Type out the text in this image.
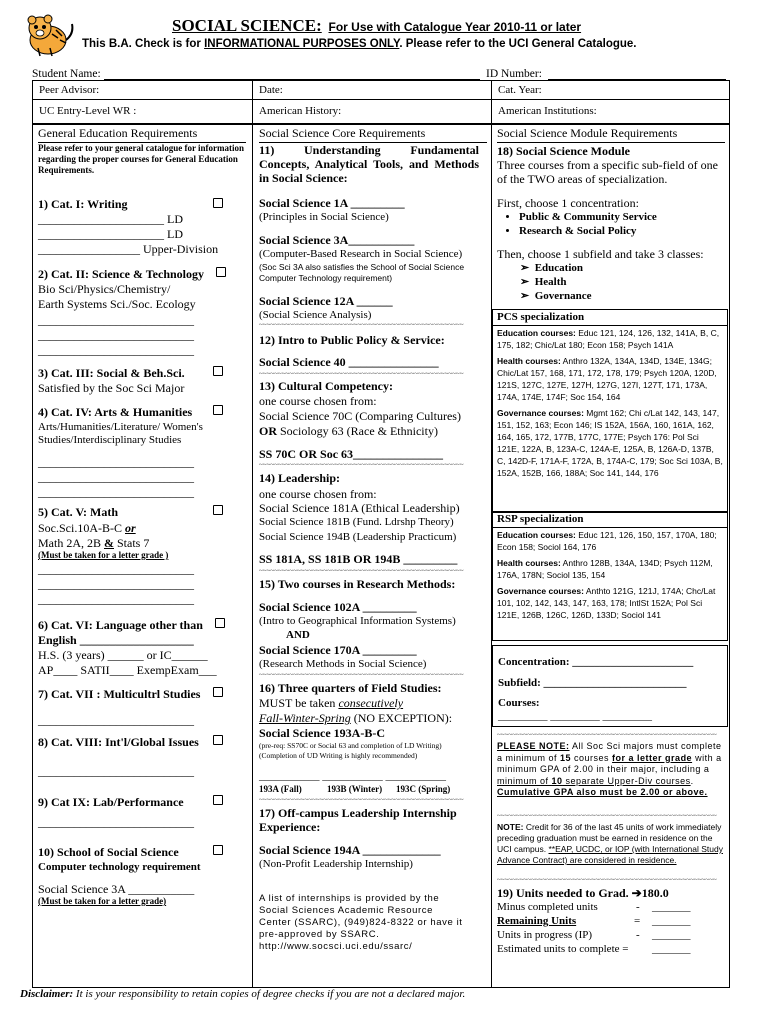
SOCIAL SCIENCE: For Use with Catalogue Year 2010-11 or later
This B.A. Check is for INFORMATIONAL PURPOSES ONLY. Please refer to the UCI General Catalogue.
Student Name:	ID Number:
Peer Advisor:	Date:	Cat. Year:
UC Entry-Level WR :	American History:	American Institutions:
General Education Requirements
Please refer to your general catalogue for information regarding the proper courses for General Education Requirements.
1) Cat. I: Writing
_____________________ LD
_____________________ LD
_________________ Upper-Division
2) Cat. II: Science & Technology
Bio Sci/Physics/Chemistry/
Earth Systems Sci./Soc. Ecology
__________________________
__________________________
__________________________
3) Cat. III: Social & Beh.Sci.
Satisfied by the Soc Sci Major
4) Cat. IV: Arts & Humanities
Arts/Humanities/Literature/ Women's Studies/Interdisciplinary Studies
__________________________
__________________________
__________________________
5) Cat. V: Math
Soc.Sci.10A-B-C or
Math 2A, 2B & Stats 7
(Must be taken for a letter grade )
__________________________
__________________________
__________________________
6) Cat. VI: Language other than
English ___________________
H.S. (3 years) ______ or IC______
AP____ SATII____ ExempExam___
7) Cat. VII : Multicultrl Studies
__________________________
8) Cat. VIII: Int'l/Global Issues
__________________________
9) Cat IX: Lab/Performance
__________________________
10) School of Social Science
Computer technology requirement
Social Science 3A ___________
(Must be taken for a letter grade)
Social Science Core Requirements
11) Understanding Fundamental Concepts, Analytical Tools, and Methods in Social Science:
Social Science 1A _________
(Principles in Social Science)
Social Science 3A___________
(Computer-Based Research in Social Science)
(Soc Sci 3A also satisfies the School of Social Science Computer Technology requirement)
Social Science 12A ______
(Social Science Analysis)
~~~~~~~~~~~~~~~~~~~~~~~~~~~~~~~~~~~~~~~~~~~~~~~~~~~~~~
12) Intro to Public Policy & Service:
Social Science 40 _______________
~~~~~~~~~~~~~~~~~~~~~~~~~~~~~~~~~~~~~~~~~~~~~~~~~~~~~~
13) Cultural Competency:
one course chosen from:
Social Science 70C (Comparing Cultures)
OR Sociology 63 (Race & Ethnicity)
SS 70C OR Soc 63_______________
~~~~~~~~~~~~~~~~~~~~~~~~~~~~~~~~~~~~~~~~~~~~~~~~~~~~~~
14) Leadership:
one course chosen from:
Social Science 181A (Ethical Leadership)
Social Science 181B (Fund. Ldrshp Theory)
Social Science 194B (Leadership Practicum)
SS 181A, SS 181B OR 194B _________
~~~~~~~~~~~~~~~~~~~~~~~~~~~~~~~~~~~~~~~~~~~~~~~~~~~~~~
15) Two courses in Research Methods:
Social Science 102A _________
(Intro to Geographical Information Systems)
AND
Social Science 170A _________
(Research Methods in Social Science)
~~~~~~~~~~~~~~~~~~~~~~~~~~~~~~~~~~~~~~~~~~~~~~~~~~~~~~
16) Three quarters of Field Studies:
MUST be taken consecutively
Fall-Winter-Spring (NO EXCEPTION):
Social Science 193A-B-C
(pre-req: SS70C or Social 63 and completion of LD Writing) (Completion of UD Writing is highly recommended)
___________ ___________ ___________
193A (Fall)	193B (Winter) 193C (Spring)
~~~~~~~~~~~~~~~~~~~~~~~~~~~~~~~~~~~~~~~~~~~~~~~~~~~~~~
17) Off-campus Leadership Internship Experience:
Social Science 194A _____________
(Non-Profit Leadership Internship)
A list of internships is provided by the Social Sciences Academic Resource Center (SSARC), (949)824-8322 or have it pre-approved by SSARC. http://www.socsci.uci.edu/ssarc/
Social Science Module Requirements
18) Social Science Module
Three courses from a specific sub-field of one of the TWO areas of specialization.
First, choose 1 concentration:
• Public & Community Service
• Research & Social Policy
Then, choose 1 subfield and take 3 classes:
➢  Education
➢  Health
➢  Governance
PCS specialization
Education courses: Educ 121, 124, 126, 132, 141A, B, C, 175, 182; Chic/Lat 180; Econ 158; Psych 141A
Health courses: Anthro 132A, 134A, 134D, 134E, 134G; Chic/Lat 157, 168, 171, 172, 178, 179; Psych 120A, 120D, 121S, 127C, 127E, 127H, 127G, 127I, 127T, 171, 173A, 174A, 174E, 174F; Soc 154, 164
Governance courses: Mgmt 162; Chi c/Lat 142, 143, 147, 151, 152, 163; Econ 146; IS 152A, 156A, 160, 161A, 162, 164, 165, 172, 177B, 177C, 177E; Psych 176: Pol Sci 121E, 122A, B, 123A-C, 124A-E, 125A, B, 126A-D, 137B, C, 142D-F, 171A-F, 172A, B, 174A-C, 179; Soc Sci 103A, B, 152A, 152B, 166, 188A; Soc 141, 144, 176
RSP specialization
Education courses: Educ 121, 126, 150, 157, 170A, 180; Econ 158; Sociol 164, 176
Health courses: Anthro 128B, 134A, 134D; Psych 112M, 176A, 178N; Sociol 135, 154
Governance courses: Anthto 121G, 121J, 174A; Chc/Lat 101, 102, 142, 143, 147, 163, 178; IntlSt 152A; Pol Sci 121E, 126B, 126C, 126D, 133D; Sociol 141
Concentration: ______________________
Subfield: __________________________
Courses:
_________ _________ _________
~~~~~~~~~~~~~~~~~~~~~~~~~~~~~~~~~~~~~~~~~~~~~~~~~~~~~~~~~~
PLEASE NOTE: All Soc Sci majors must complete a minimum of 15 courses for a letter grade with a minimum GPA of 2.00 in their major, including a minimum of 10 separate Upper-Div courses. Cumulative GPA also must be 2.00 or above.
~~~~~~~~~~~~~~~~~~~~~~~~~~~~~~~~~~~~~~~~~~~~~~~~~~~~~~~~~~
NOTE: Credit for 36 of the last 45 units of work immediately preceding graduation must be earned in residence on the UCI campus. **EAP, UCDC, or IOP (with International Study Advance Contract) are considered in residence.
~~~~~~~~~~~~~~~~~~~~~~~~~~~~~~~~~~~~~~~~~~~~~~~~~~~~~~~~~~
19) Units needed to Grad. ➔180.0
Minus completed units	- _______
Remaining Units	= _______
Units in progress (IP)	- _______
Estimated units to complete = _______
Disclaimer: It is your responsibility to retain copies of degree checks if you are not a declared major.
